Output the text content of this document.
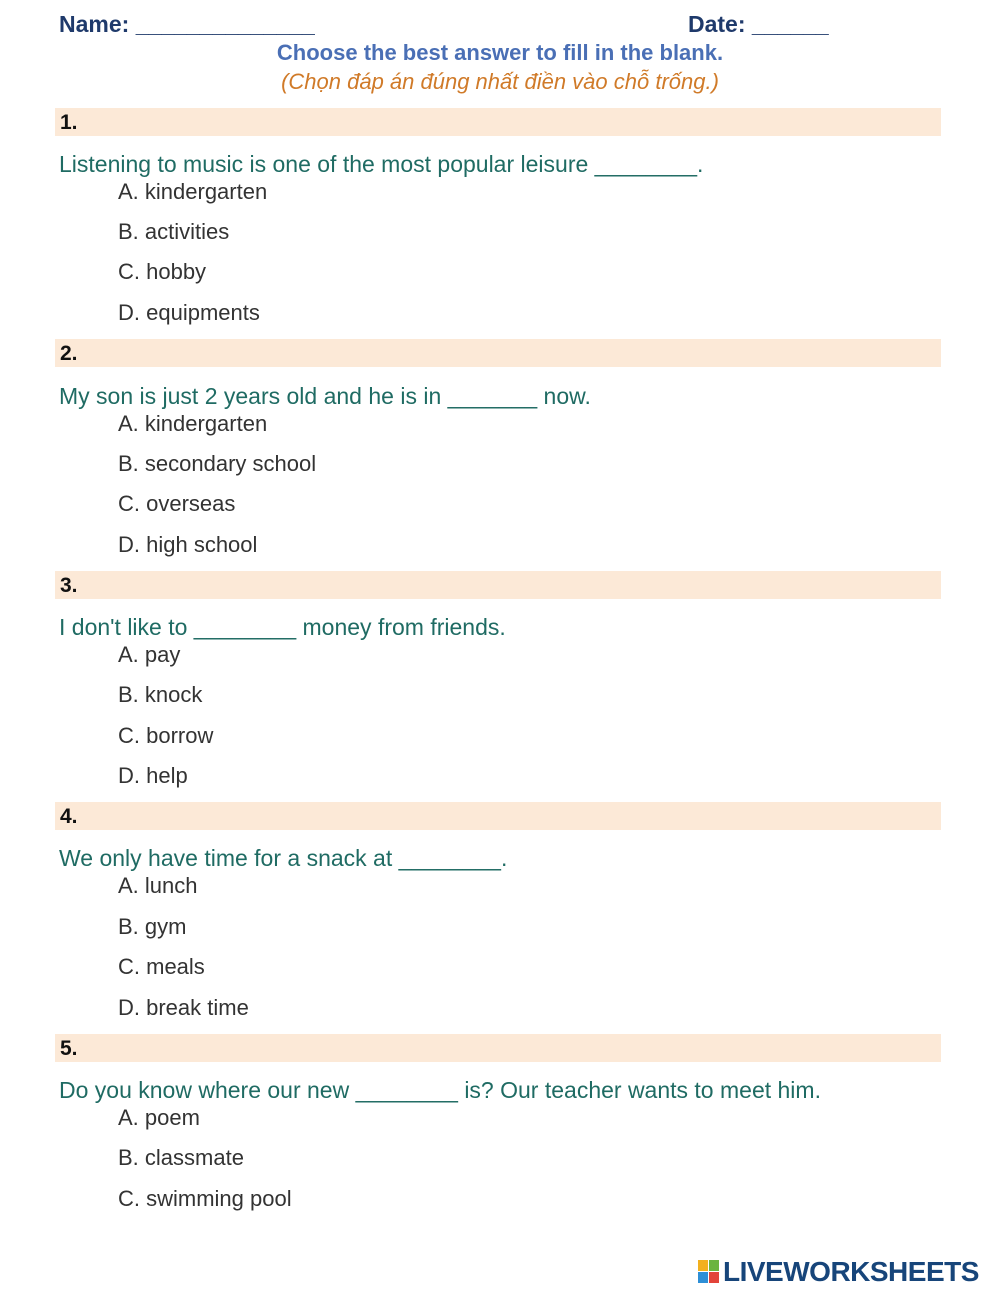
Name: ______________	Date: ______
Choose the best answer to fill in the blank.
(Chọn đáp án đúng nhất điền vào chỗ trống.)
1.
Listening to music is one of the most popular leisure ________.
A. kindergarten
B. activities
C. hobby
D. equipments
2.
My son is just 2 years old and he is in _______ now.
A. kindergarten
B. secondary school
C. overseas
D. high school
3.
I don't like to ________ money from friends.
A. pay
B. knock
C. borrow
D. help
4.
We only have time for a snack at ________.
A. lunch
B. gym
C. meals
D. break time
5.
Do you know where our new ________ is? Our teacher wants to meet him.
A. poem
B. classmate
C. swimming pool
LIVEWORKSHEETS
